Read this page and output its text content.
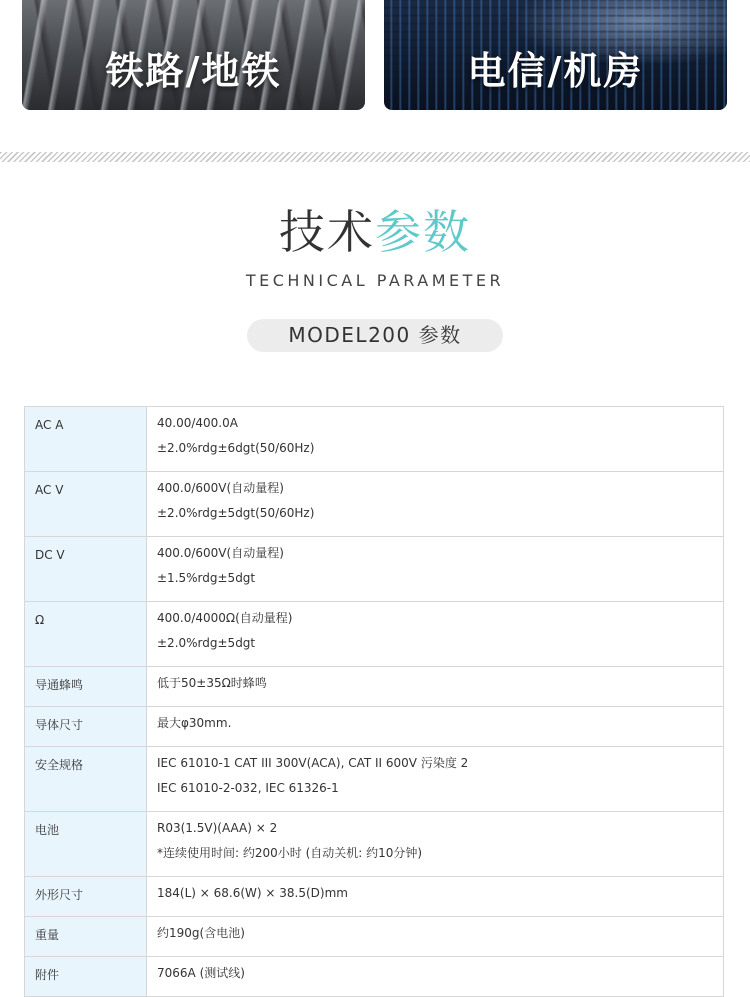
铁路/地铁	电信/机房
技术参数
TECHNICAL PARAMETER
MODEL200 参数
AC A	40.00/400.0A
±2.0%rdg±6dgt(50/60Hz)

AC V	400.0/600V(自动量程)
±2.0%rdg±5dgt(50/60Hz)

DC V	400.0/600V(自动量程)
±1.5%rdg±5dgt

Ω	400.0/4000Ω(自动量程)
±2.0%rdg±5dgt

导通蜂鸣	低于50±35Ω时蜂鸣

导体尺寸	最大φ30mm.

安全规格	IEC 61010-1 CAT III 300V(ACA), CAT II 600V 污染度 2
IEC 61010-2-032, IEC 61326-1

电池	R03(1.5V)(AAA) × 2
*连续使用时间: 约200小时 (自动关机: 约10分钟)

外形尺寸	184(L) × 68.6(W) × 38.5(D)mm

重量	约190g(含电池)

附件	7066A (测试线)
